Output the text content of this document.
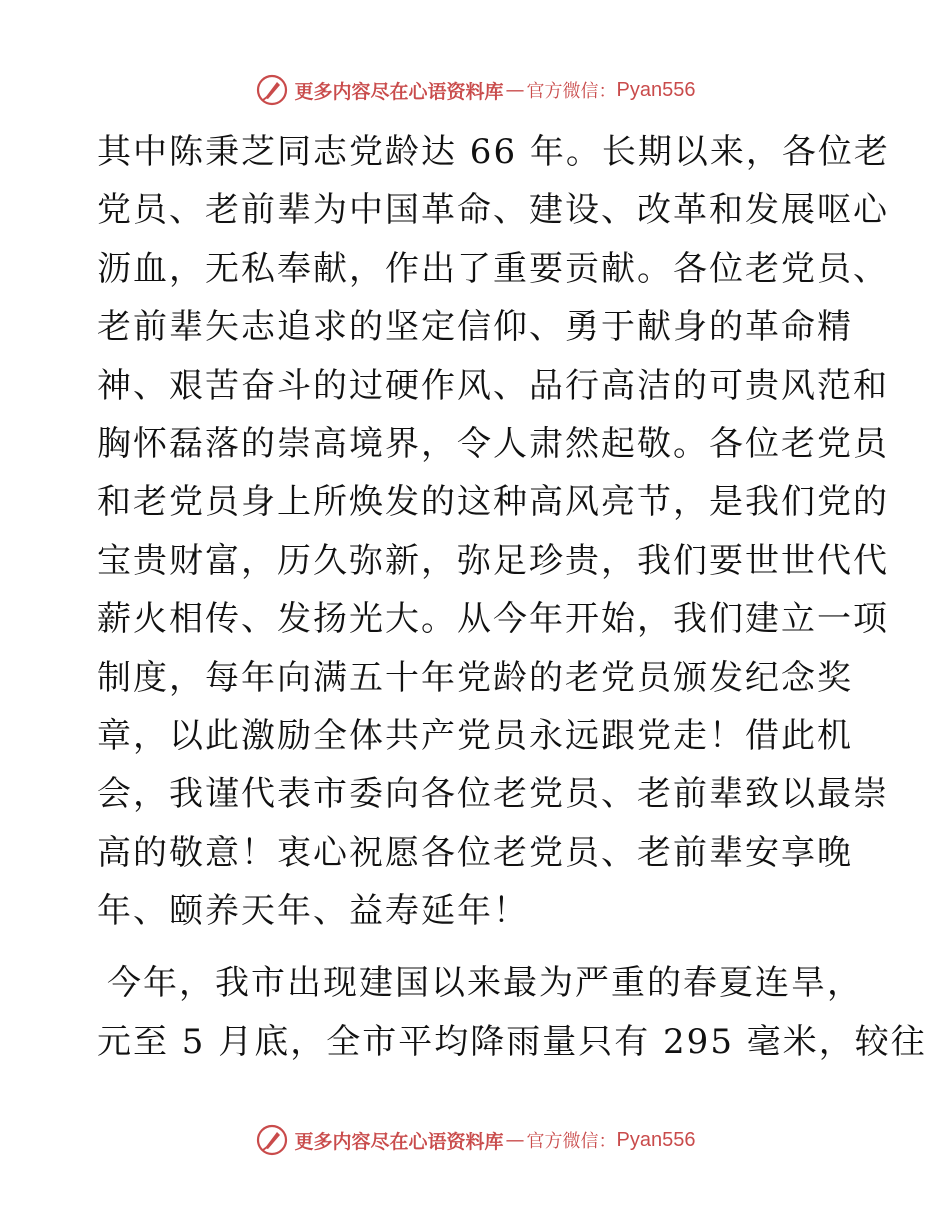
更多内容尽在心语资料库 — 官方微信： Pyan556
其中陈秉芝同志党龄达 66 年。长期以来，各位老
党员、老前辈为中国革命、建设、改革和发展呕心
沥血，无私奉献，作出了重要贡献。各位老党员、
老前辈矢志追求的坚定信仰、勇于献身的革命精
神、艰苦奋斗的过硬作风、品行高洁的可贵风范和
胸怀磊落的崇高境界，令人肃然起敬。各位老党员
和老党员身上所焕发的这种高风亮节，是我们党的
宝贵财富，历久弥新，弥足珍贵，我们要世世代代
薪火相传、发扬光大。从今年开始，我们建立一项
制度，每年向满五十年党龄的老党员颁发纪念奖
章，以此激励全体共产党员永远跟党走！借此机
会，我谨代表市委向各位老党员、老前辈致以最崇
高的敬意！衷心祝愿各位老党员、老前辈安享晚
年、颐养天年、益寿延年！
今年，我市出现建国以来最为严重的春夏连旱，
元至 5 月底，全市平均降雨量只有 295 毫米，较往
更多内容尽在心语资料库 — 官方微信： Pyan556
